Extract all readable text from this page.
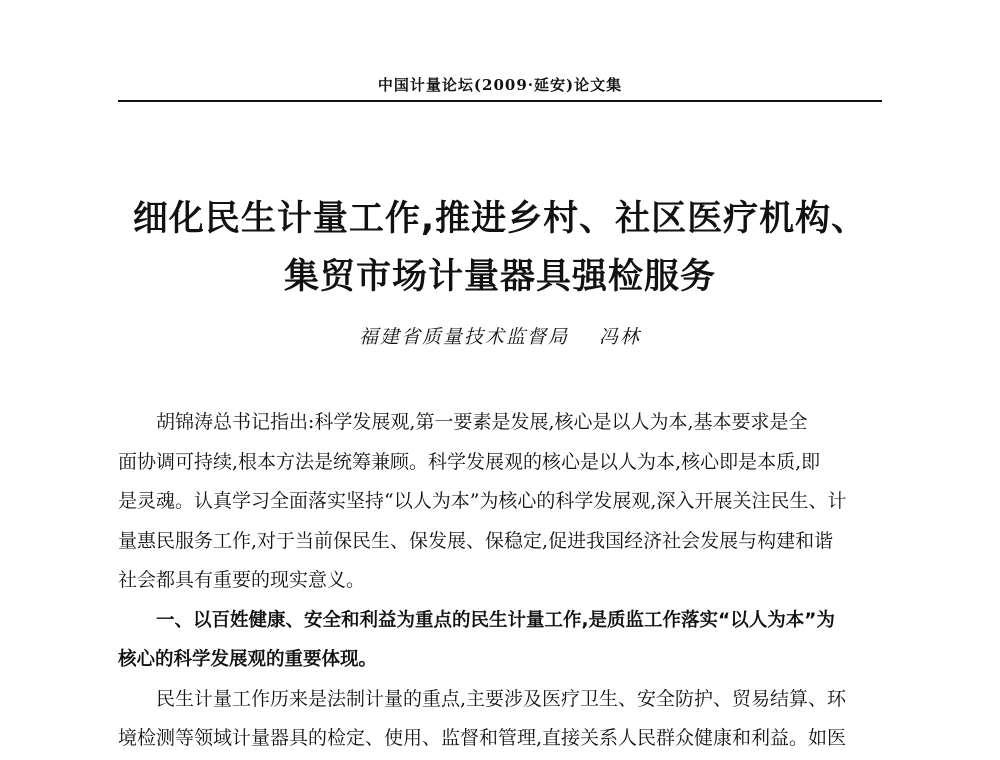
中国计量论坛(2009·延安)论文集
细化民生计量工作,推进乡村、社区医疗机构、
集贸市场计量器具强检服务
福建省质量技术监督局 冯林

胡锦涛总书记指出:科学发展观,第一要素是发展,核心是以人为本,基本要求是全
面协调可持续,根本方法是统筹兼顾。科学发展观的核心是以人为本,核心即是本质,即
是灵魂。认真学习全面落实坚持“以人为本”为核心的科学发展观,深入开展关注民生、计
量惠民服务工作,对于当前保民生、保发展、保稳定,促进我国经济社会发展与构建和谐
社会都具有重要的现实意义。

一、以百姓健康、安全和利益为重点的民生计量工作,是质监工作落实“以人为本”为
核心的科学发展观的重要体现。

民生计量工作历来是法制计量的重点,主要涉及医疗卫生、安全防护、贸易结算、环
境检测等领域计量器具的检定、使用、监督和管理,直接关系人民群众健康和利益。如医
